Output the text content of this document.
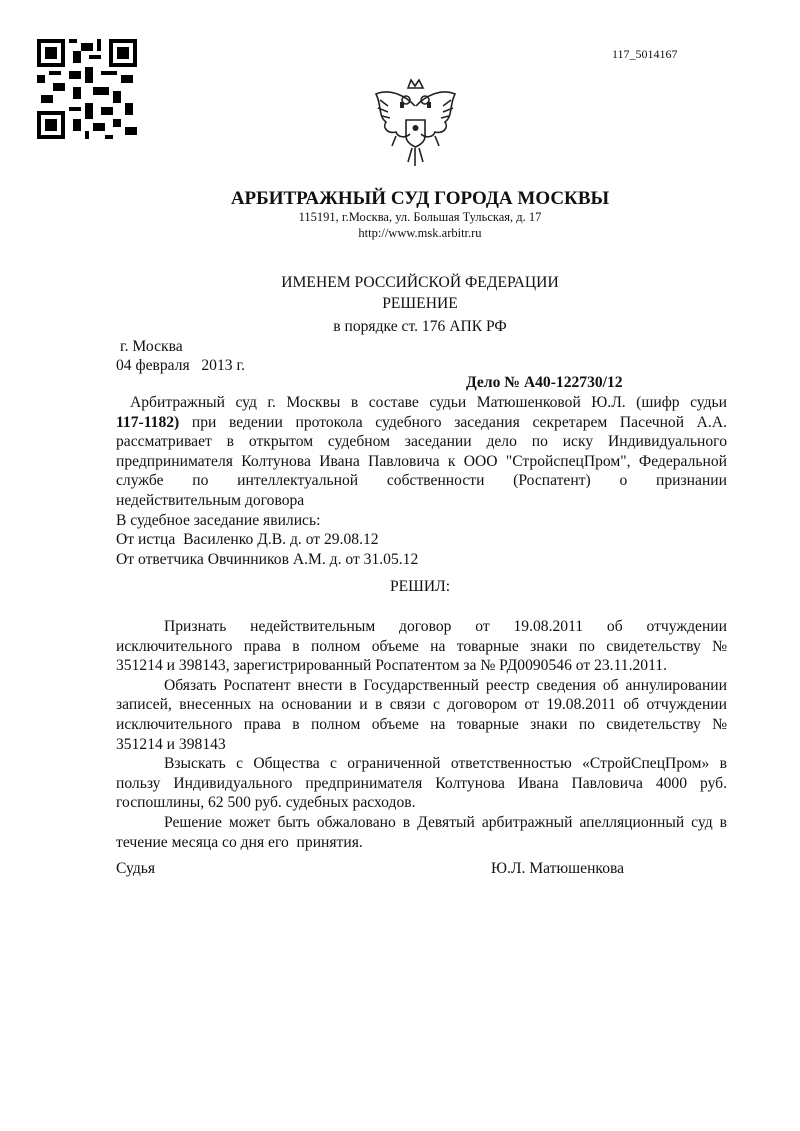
117_5014167
АРБИТРАЖНЫЙ СУД ГОРОДА МОСКВЫ
115191, г.Москва, ул. Большая Тульская, д. 17
http://www.msk.arbitr.ru
ИМЕНЕМ РОССИЙСКОЙ ФЕДЕРАЦИИ
РЕШЕНИЕ
в порядке ст. 176 АПК РФ
г. Москва
04 февраля   2013 г.
Дело № А40-122730/12
Арбитражный суд г. Москвы в составе судьи Матюшенковой Ю.Л. (шифр судьи
117-1182) при ведении протокола судебного заседания секретарем Пасечной А.А.
рассматривает в открытом судебном заседании дело по иску Индивидуального
предпринимателя Колтунова Ивана Павловича к ООО "СтройспецПром", Федеральной
службе по интеллектуальной собственности (Роспатент) о признании
недействительным договора
В судебное заседание явились:
От истца  Василенко Д.В. д. от 29.08.12
От ответчика Овчинников А.М. д. от 31.05.12
РЕШИЛ:
Признать недействительным договор от 19.08.2011 об отчуждении
исключительного права в полном объеме на товарные знаки по свидетельству №
351214 и 398143, зарегистрированный Роспатентом за № РД0090546 от 23.11.2011.
Обязать Роспатент внести в Государственный реестр сведения об аннулировании
записей, внесенных на основании и в связи с договором от 19.08.2011 об отчуждении
исключительного права в полном объеме на товарные знаки по свидетельству №
351214 и 398143
Взыскать с Общества с ограниченной ответственностью «СтройСпецПром» в
пользу Индивидуального предпринимателя Колтунова Ивана Павловича 4000 руб.
госпошлины, 62 500 руб. судебных расходов.
Решение может быть обжаловано в Девятый арбитражный апелляционный суд в
течение месяца со дня его  принятия.
Судья	Ю.Л. Матюшенкова
